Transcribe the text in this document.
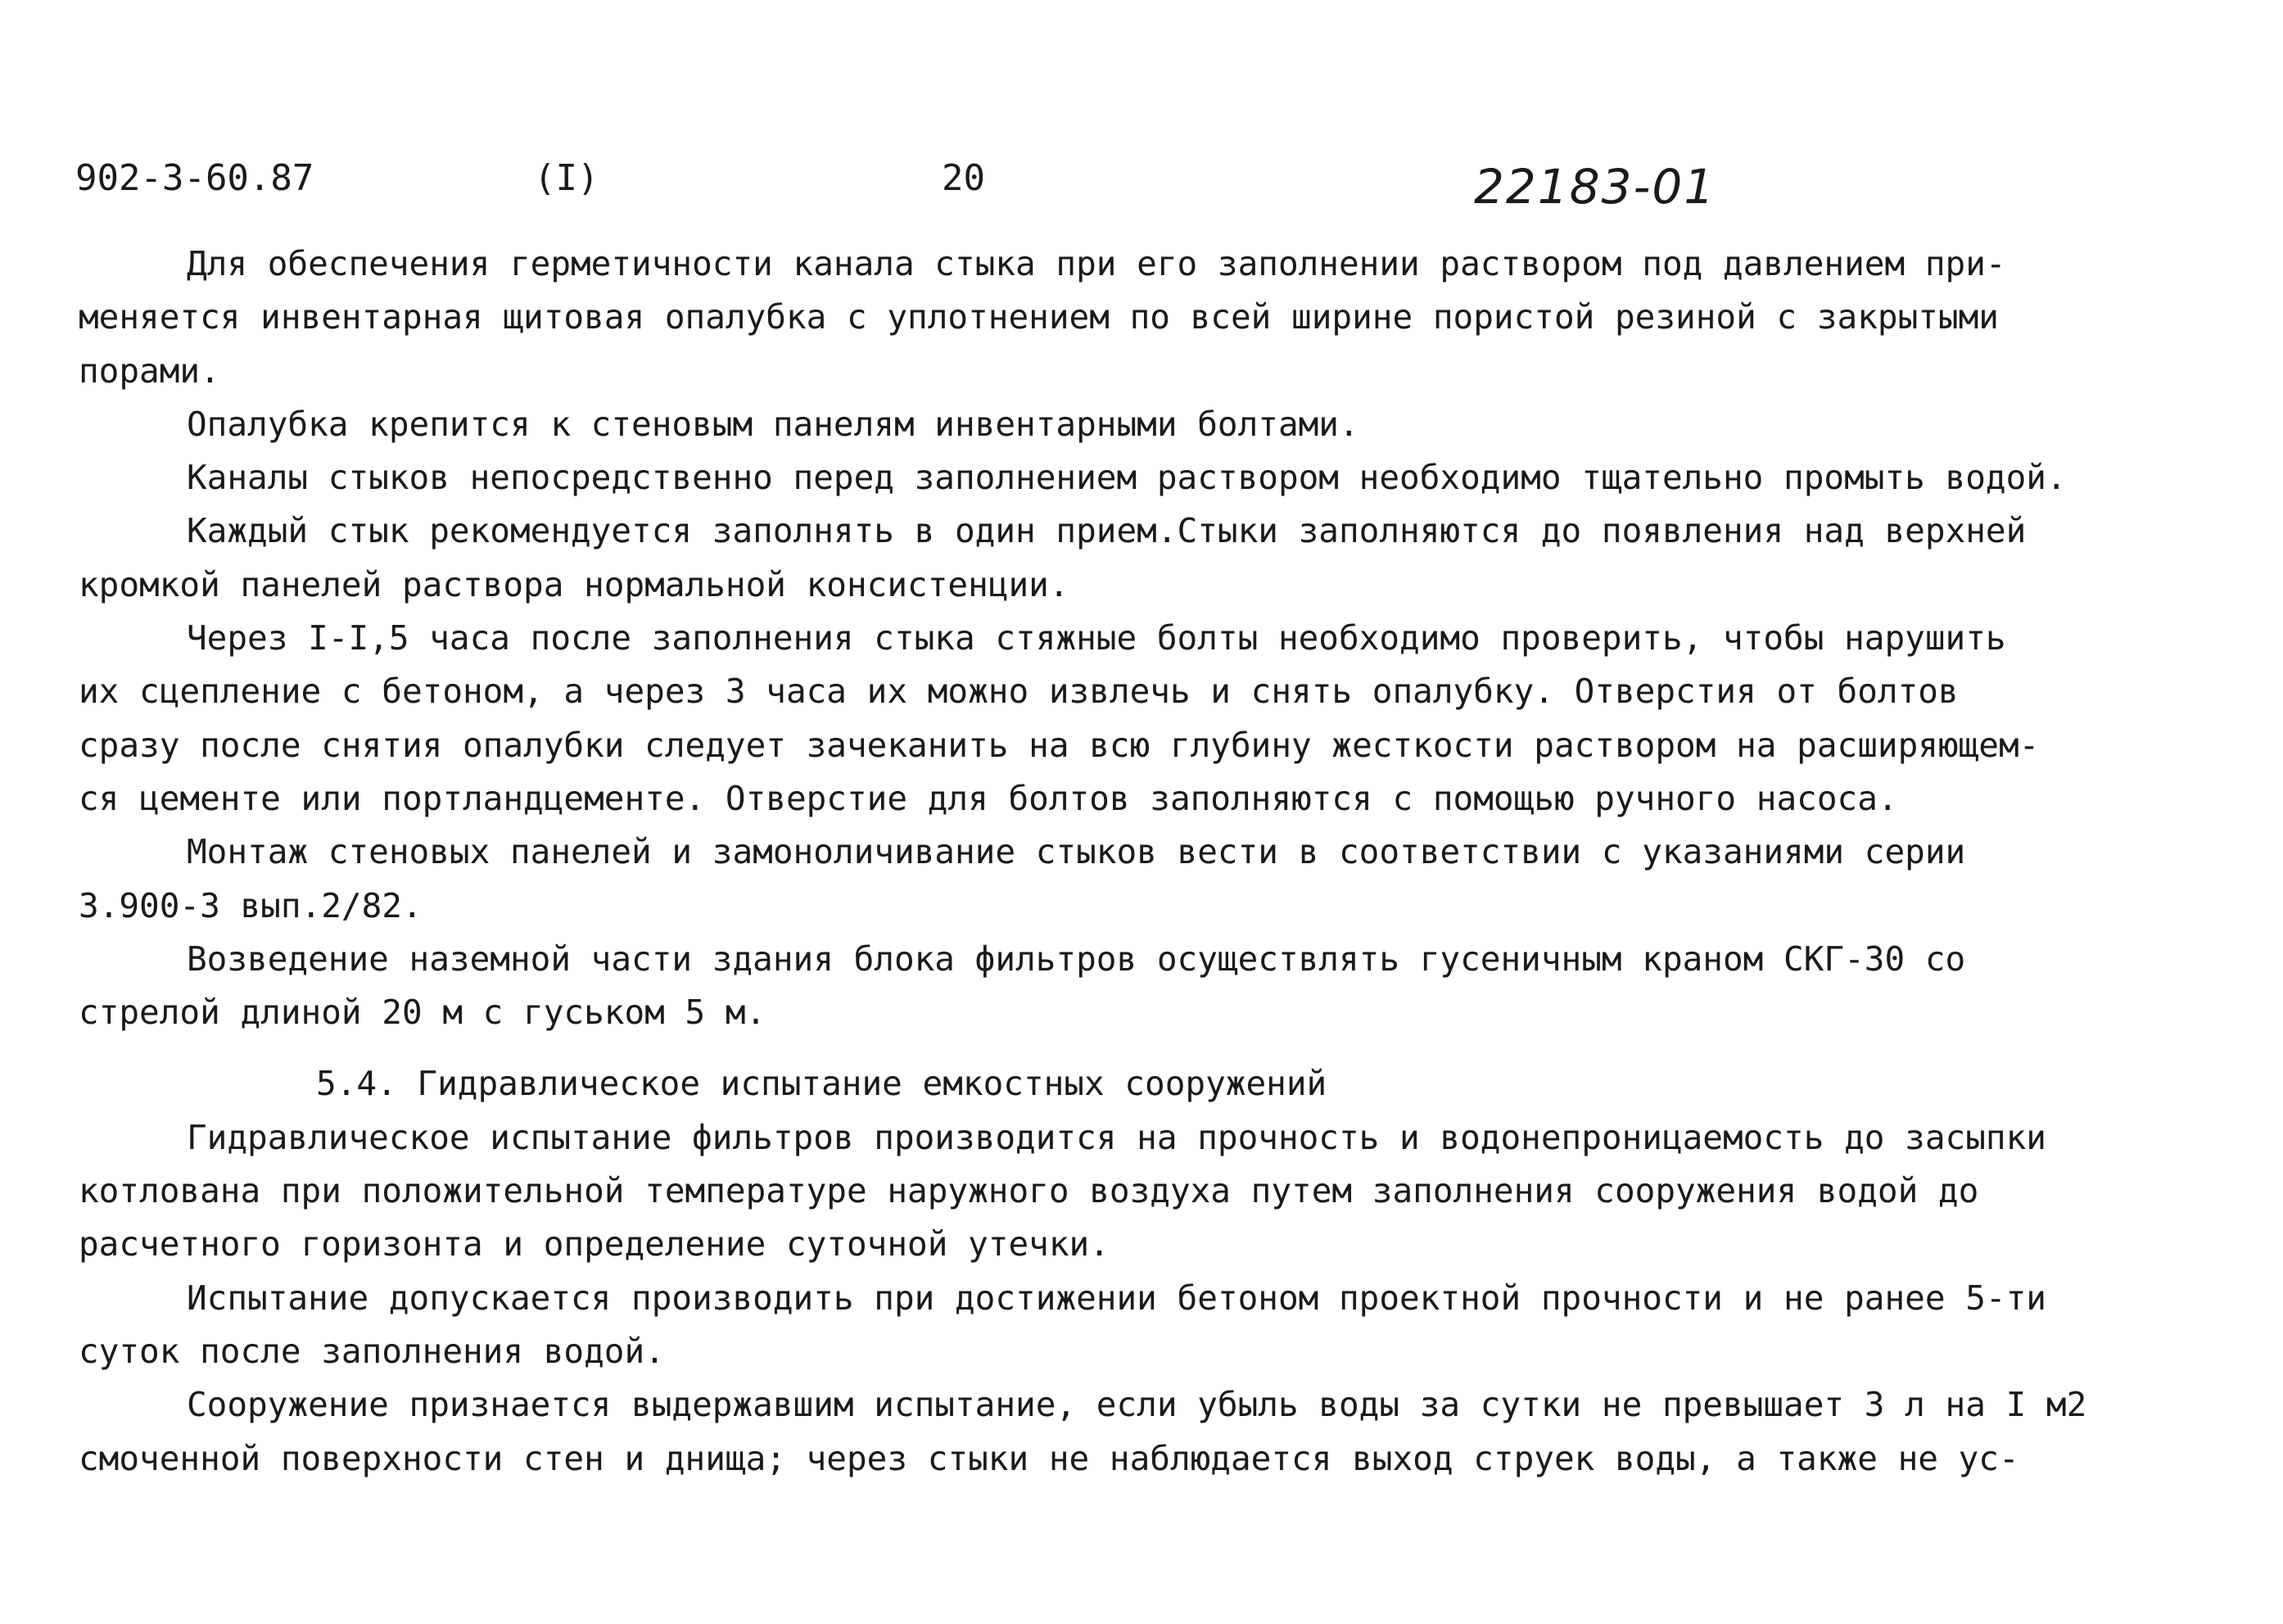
902-3-60.87	(I)	20	22183-01
Для обеспечения герметичности канала стыка при его заполнении раствором под давлением при-
меняется инвентарная щитовая опалубка с уплотнением по всей ширине пористой резиной с закрытыми
порами.
Опалубка крепится к стеновым панелям инвентарными болтами.
Каналы стыков непосредственно перед заполнением раствором необходимо тщательно промыть водой.
Каждый стык рекомендуется заполнять в один прием.Стыки заполняются до появления над верхней
кромкой панелей раствора нормальной консистенции.
Через I-I,5 часа после заполнения стыка стяжные болты необходимо проверить, чтобы нарушить
их сцепление с бетоном, а через 3 часа их можно извлечь и снять опалубку. Отверстия от болтов
сразу после снятия опалубки следует зачеканить на всю глубину жесткости раствором на расширяющем-
ся цементе или портландцементе. Отверстие для болтов заполняются с помощью ручного насоса.
Монтаж стеновых панелей и замоноличивание стыков вести в соответствии с указаниями серии
3.900-3 вып.2/82.
Возведение наземной части здания блока фильтров осуществлять гусеничным краном СКГ-30 со
стрелой длиной 20 м с гуськом 5 м.
5.4. Гидравлическое испытание емкостных сооружений
Гидравлическое испытание фильтров производится на прочность и водонепроницаемость до засыпки
котлована при положительной температуре наружного воздуха путем заполнения сооружения водой до
расчетного горизонта и определение суточной утечки.
Испытание допускается производить при достижении бетоном проектной прочности и не ранее 5-ти
суток после заполнения водой.
Сооружение признается выдержавшим испытание, если убыль воды за сутки не превышает 3 л на I м2
смоченной поверхности стен и днища; через стыки не наблюдается выход струек воды, а также не ус-
